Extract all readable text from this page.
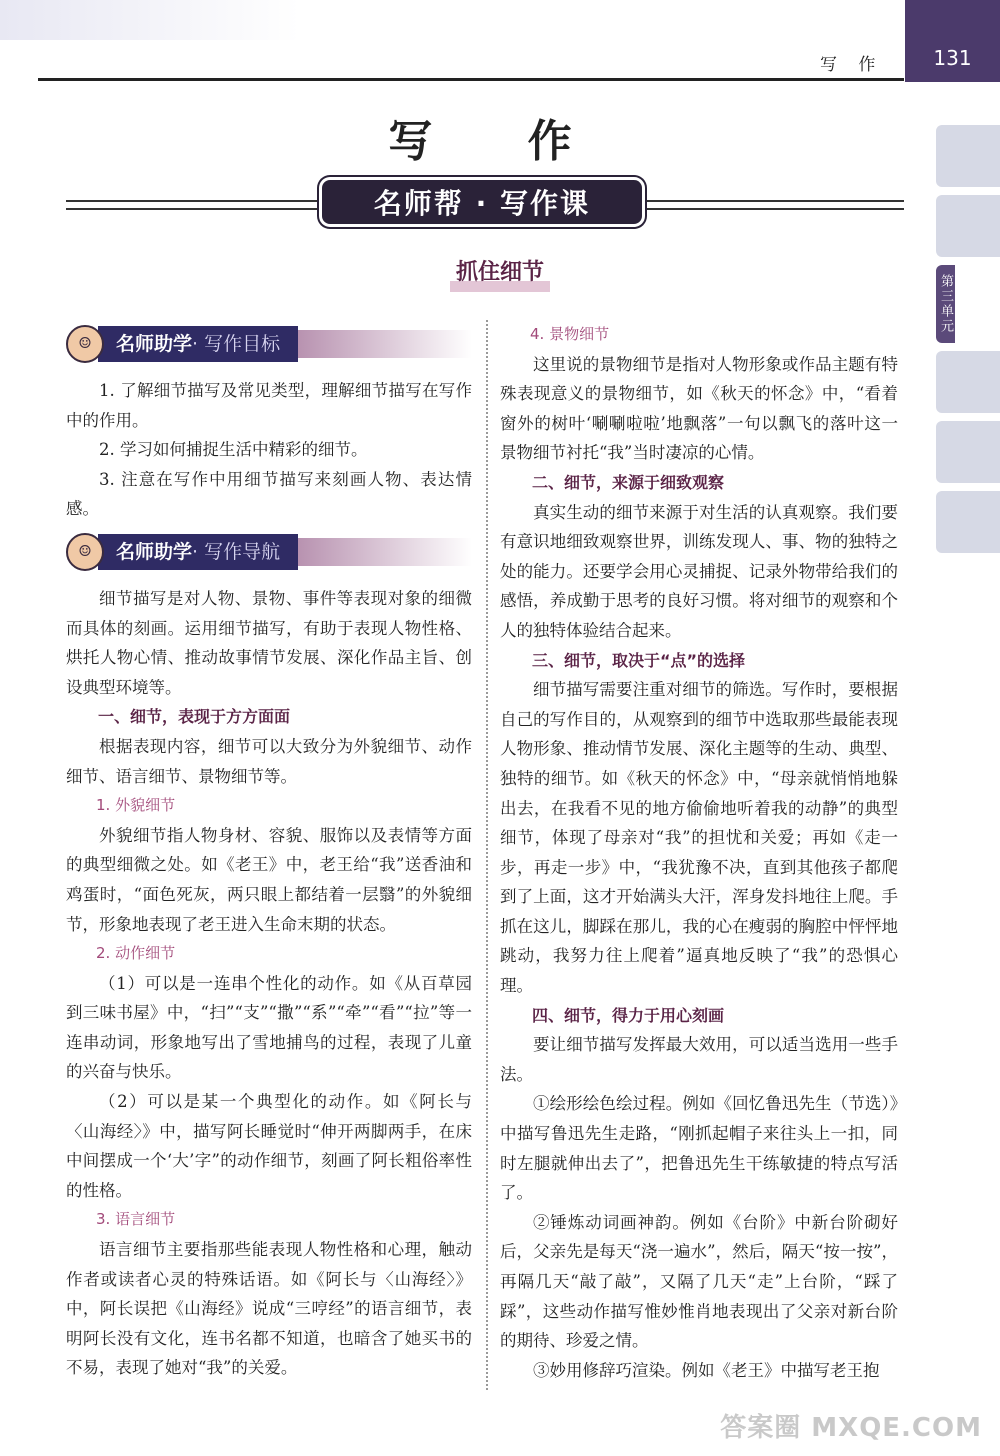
写 作	131
第三单元
写 作
名师帮 · 写作课
抓住细节
☺	名师助学· 写作目标

1. 了解细节描写及常见类型，理解细节描写在写作中的作用。

2. 学习如何捕捉生活中精彩的细节。

3. 注意在写作中用细节描写来刻画人物、表达情感。

☺	名师助学· 写作导航

细节描写是对人物、景物、事件等表现对象的细微而具体的刻画。运用细节描写，有助于表现人物性格、烘托人物心情、推动故事情节发展、深化作品主旨、创设典型环境等。

一、细节，表现于方方面面

根据表现内容，细节可以大致分为外貌细节、动作细节、语言细节、景物细节等。

1. 外貌细节

外貌细节指人物身材、容貌、服饰以及表情等方面的典型细微之处。如《老王》中，老王给“我”送香油和鸡蛋时，“面色死灰，两只眼上都结着一层翳”的外貌细节，形象地表现了老王进入生命末期的状态。

2. 动作细节

（1）可以是一连串个性化的动作。如《从百草园到三味书屋》中，“扫”“支”“撒”“系”“牵”“看”“拉”等一连串动词，形象地写出了雪地捕鸟的过程，表现了儿童的兴奋与快乐。

（2）可以是某一个典型化的动作。如《阿长与〈山海经〉》中，描写阿长睡觉时“伸开两脚两手，在床中间摆成一个‘大’字”的动作细节，刻画了阿长粗俗率性的性格。

3. 语言细节

语言细节主要指那些能表现人物性格和心理，触动作者或读者心灵的特殊话语。如《阿长与〈山海经〉》中，阿长误把《山海经》说成“三哼经”的语言细节，表明阿长没有文化，连书名都不知道，也暗含了她买书的不易，表现了她对“我”的关爱。

4. 景物细节

这里说的景物细节是指对人物形象或作品主题有特殊表现意义的景物细节，如《秋天的怀念》中，“看着窗外的树叶‘唰唰啦啦’地飘落”一句以飘飞的落叶这一景物细节衬托“我”当时凄凉的心情。

二、细节，来源于细致观察

真实生动的细节来源于对生活的认真观察。我们要有意识地细致观察世界，训练发现人、事、物的独特之处的能力。还要学会用心灵捕捉、记录外物带给我们的感悟，养成勤于思考的良好习惯。将对细节的观察和个人的独特体验结合起来。

三、细节，取决于“点”的选择

细节描写需要注重对细节的筛选。写作时，要根据自己的写作目的，从观察到的细节中选取那些最能表现人物形象、推动情节发展、深化主题等的生动、典型、独特的细节。如《秋天的怀念》中，“母亲就悄悄地躲出去，在我看不见的地方偷偷地听着我的动静”的典型细节，体现了母亲对“我”的担忧和关爱；再如《走一步，再走一步》中，“我犹豫不决，直到其他孩子都爬到了上面，这才开始满头大汗，浑身发抖地往上爬。手抓在这儿，脚踩在那儿，我的心在瘦弱的胸腔中怦怦地跳动，我努力往上爬着”逼真地反映了“我”的恐惧心理。

四、细节，得力于用心刻画

要让细节描写发挥最大效用，可以适当选用一些手法。

①绘形绘色绘过程。例如《回忆鲁迅先生（节选）》中描写鲁迅先生走路，“刚抓起帽子来往头上一扣，同时左腿就伸出去了”，把鲁迅先生干练敏捷的特点写活了。

②锤炼动词画神韵。例如《台阶》中新台阶砌好后，父亲先是每天“浇一遍水”，然后，隔天“按一按”，再隔几天“敲了敲”，又隔了几天“走”上台阶，“踩了踩”，这些动作描写惟妙惟肖地表现出了父亲对新台阶的期待、珍爱之情。

③妙用修辞巧渲染。例如《老王》中描写老王抱

答案圈 MXQE.COM
